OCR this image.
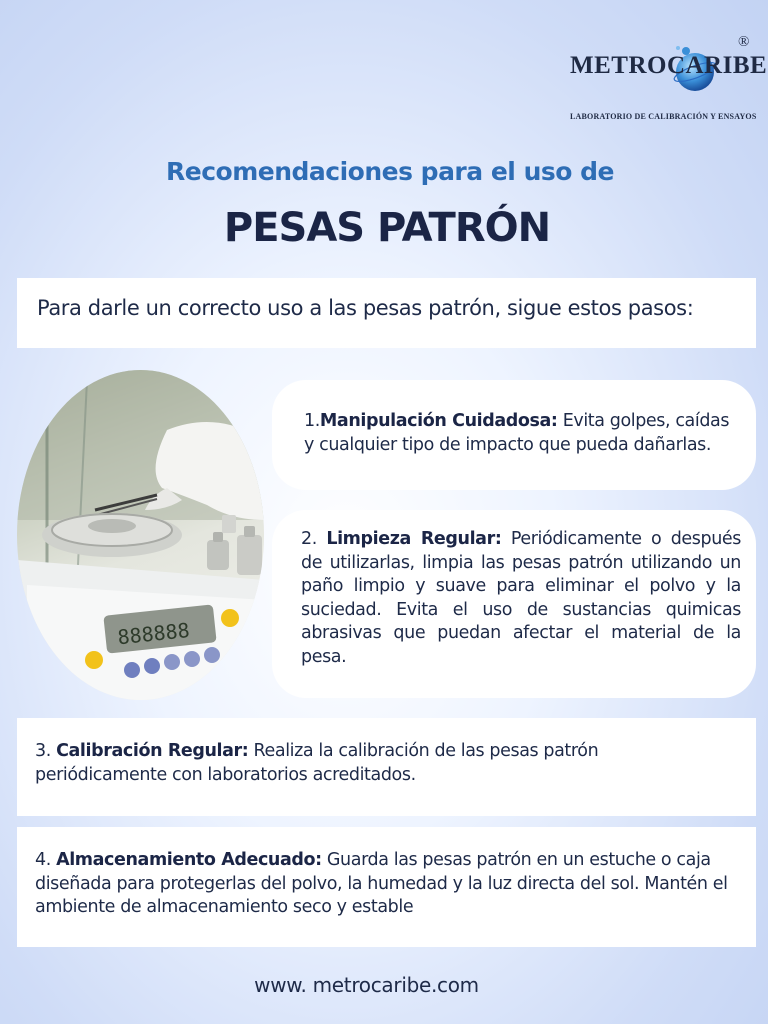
METROCARIBE
®
LABORATORIO DE CALIBRACIÓN Y ENSAYOS
Recomendaciones para el uso de
PESAS PATRÓN

Para darle un correcto uso a las pesas patrón, sigue estos pasos:

888888
1.Manipulación Cuidadosa: Evita golpes, caídas y cualquier tipo de impacto que pueda dañarlas.
2. Limpieza Regular: Periódicamente o después de utilizarlas, limpia las pesas patrón utilizando un paño limpio y suave para eliminar el polvo y la suciedad. Evita el uso de sustancias quimicas abrasivas que puedan afectar el material de la pesa.
3. Calibración Regular: Realiza la calibración de las pesas patrón periódicamente con laboratorios acreditados.
4. Almacenamiento Adecuado: Guarda las pesas patrón en un estuche o caja diseñada para protegerlas del polvo, la humedad y la luz directa del sol. Mantén el ambiente de almacenamiento seco y estable
www. metrocaribe.com
